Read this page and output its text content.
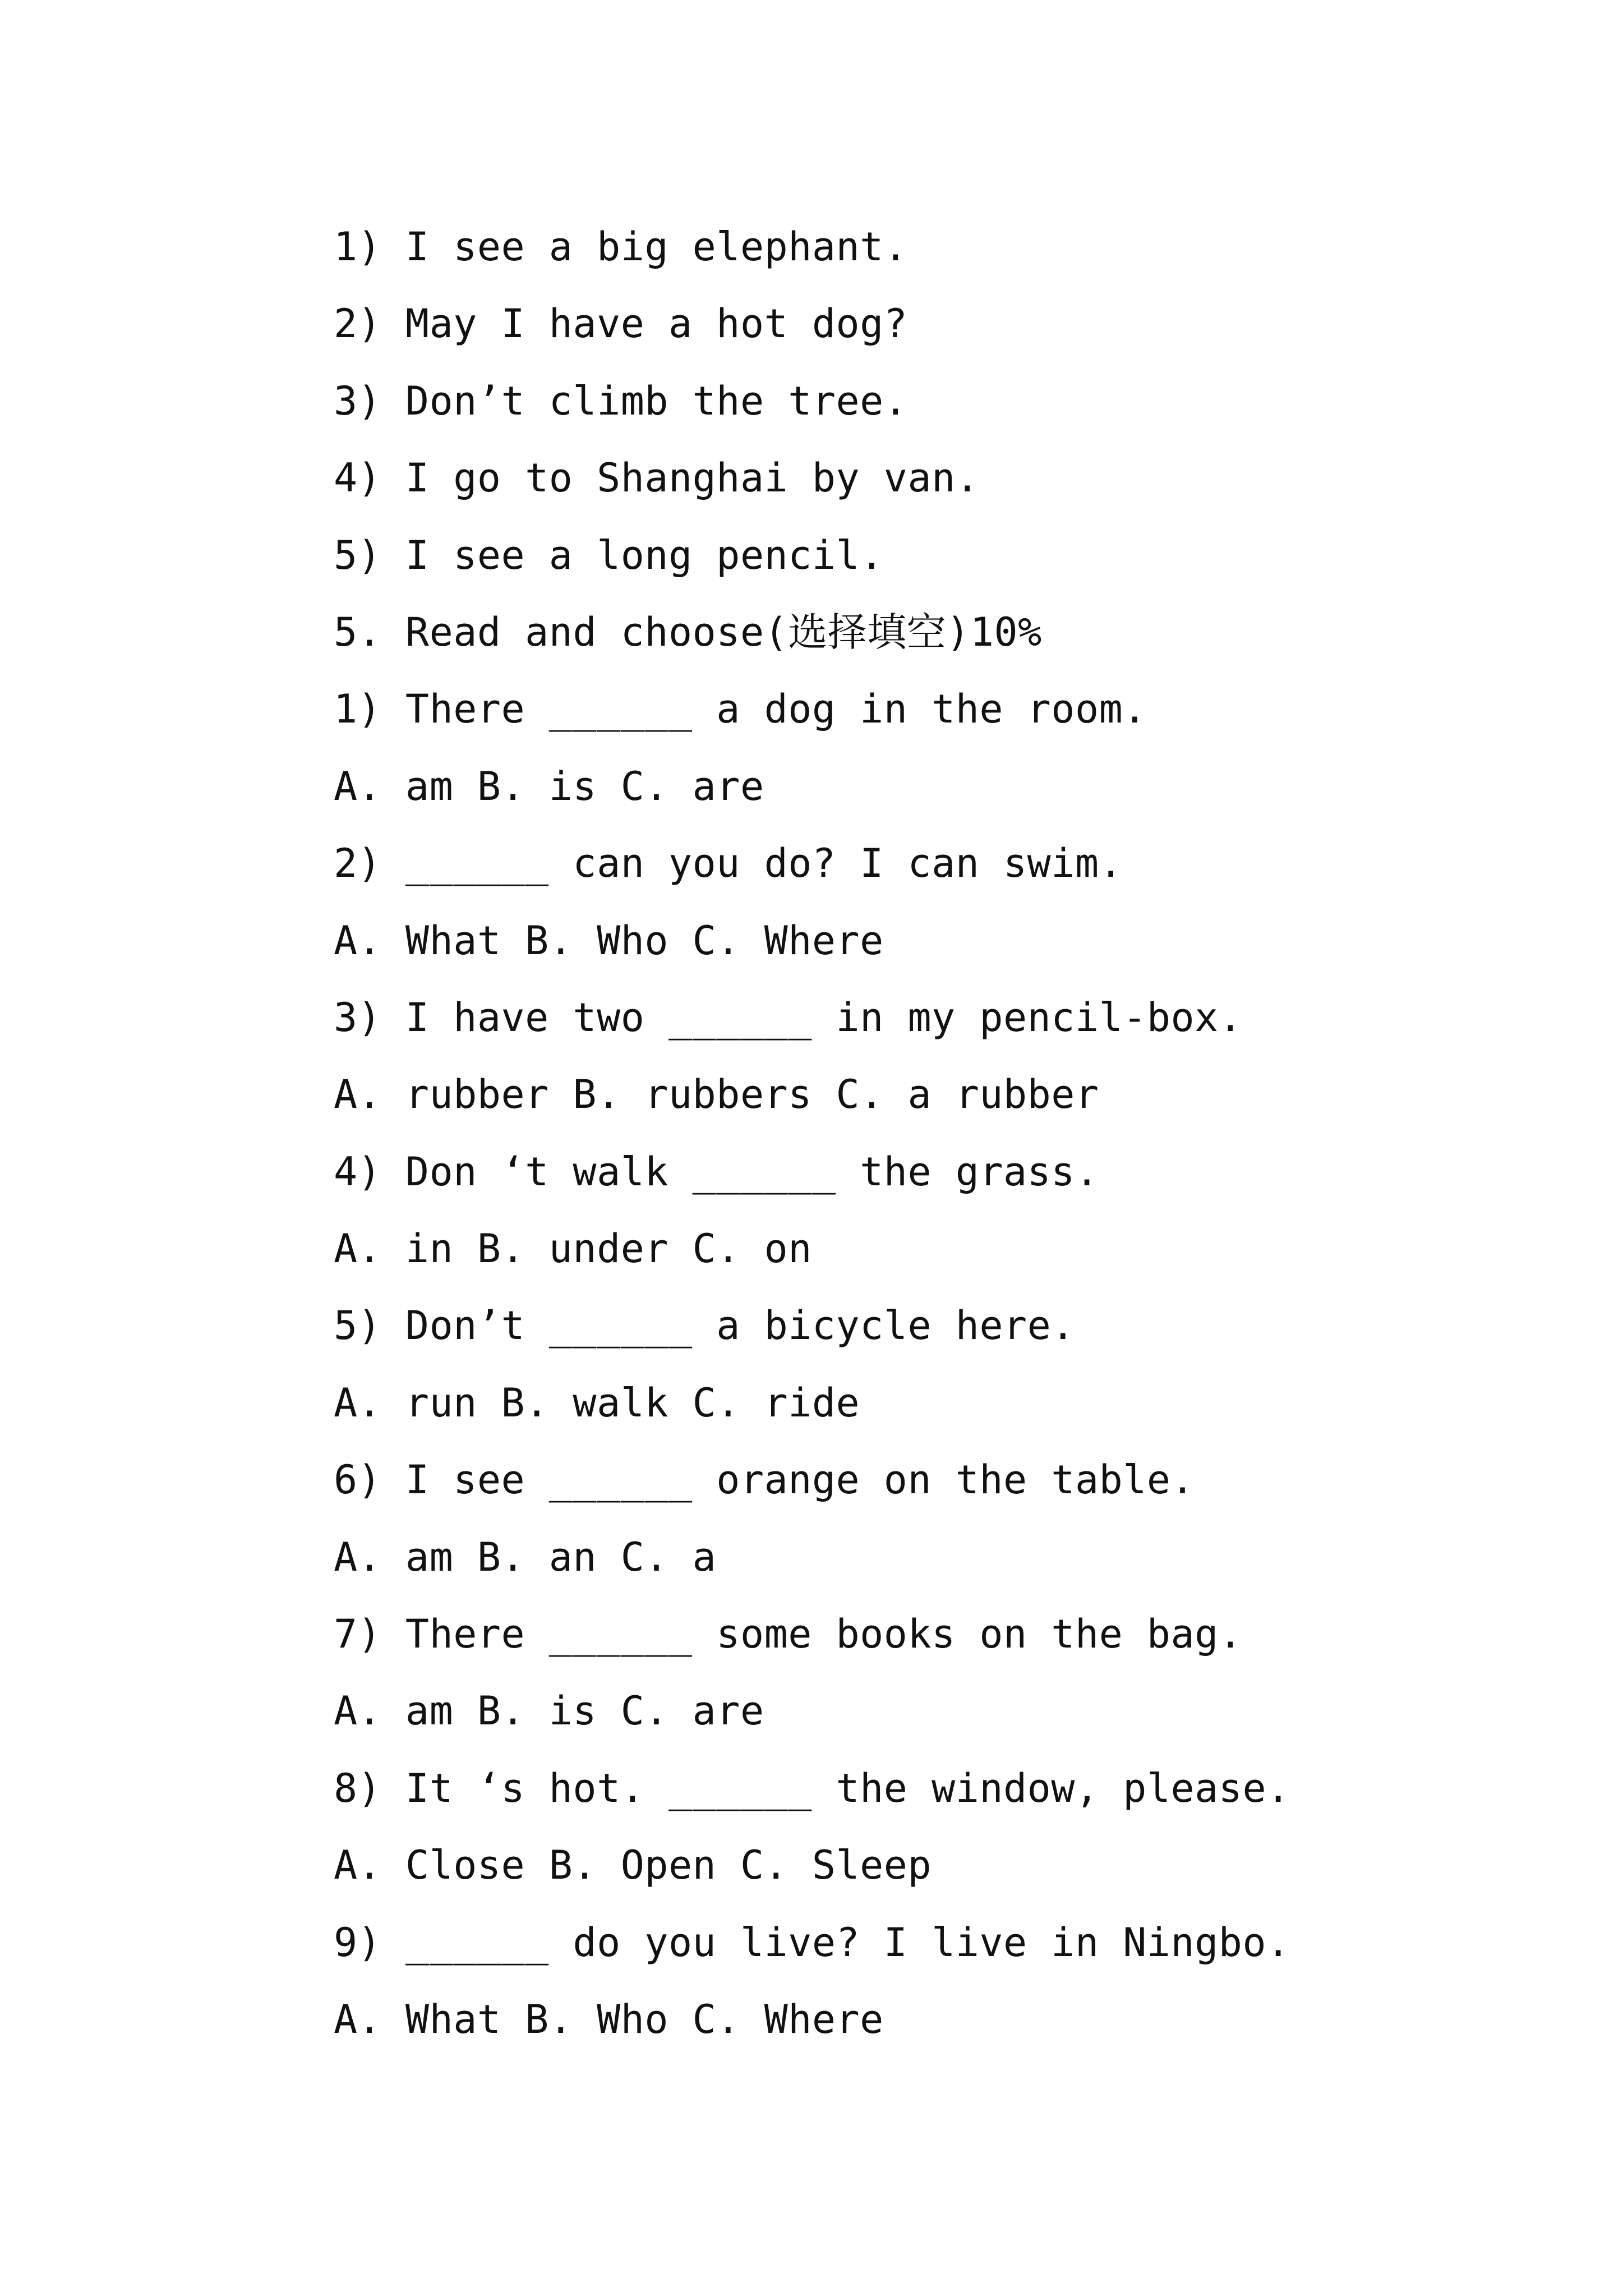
1) I see a big elephant.
2) May I have a hot dog?
3) Don’t climb the tree.
4) I go to Shanghai by van.
5) I see a long pencil.
5. Read and choose(选择填空)10%
1) There ______ a dog in the room.
A. am B. is C. are
2) ______ can you do? I can swim.
A. What B. Who C. Where
3) I have two ______ in my pencil-box.
A. rubber B. rubbers C. a rubber
4) Don ‘t walk ______ the grass.
A. in B. under C. on
5) Don’t ______ a bicycle here.
A. run B. walk C. ride
6) I see ______ orange on the table.
A. am B. an C. a
7) There ______ some books on the bag.
A. am B. is C. are
8) It ‘s hot. ______ the window, please.
A. Close B. Open C. Sleep
9) ______ do you live? I live in Ningbo.
A. What B. Who C. Where
